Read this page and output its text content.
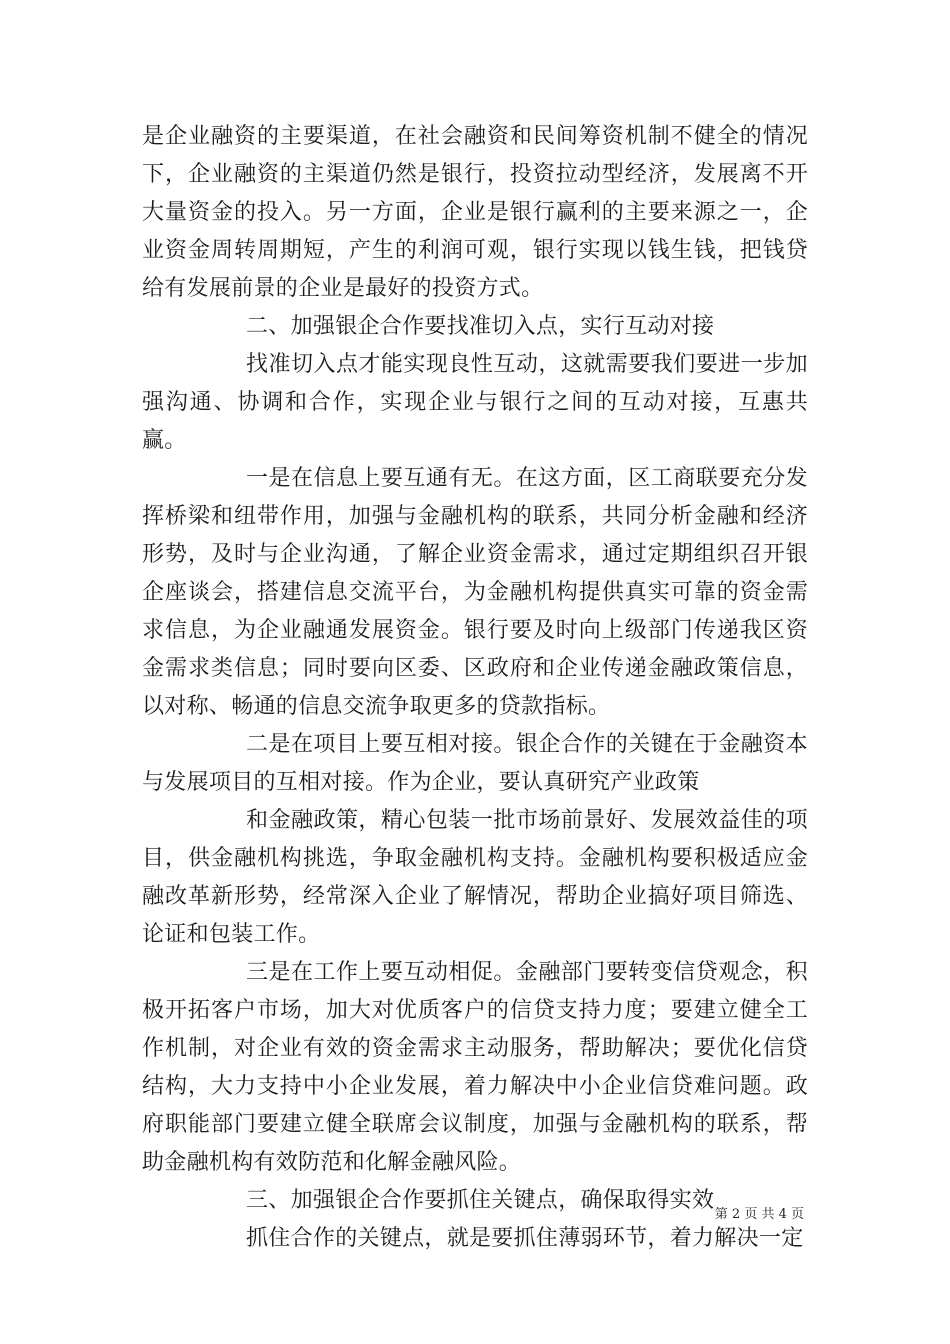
是企业融资的主要渠道，在社会融资和民间筹资机制不健全的情况下，企业融资的主渠道仍然是银行，投资拉动型经济，发展离不开大量资金的投入。另一方面，企业是银行赢利的主要来源之一，企业资金周转周期短，产生的利润可观，银行实现以钱生钱，把钱贷给有发展前景的企业是最好的投资方式。

二、加强银企合作要找准切入点，实行互动对接

找准切入点才能实现良性互动，这就需要我们要进一步加强沟通、协调和合作，实现企业与银行之间的互动对接，互惠共赢。

一是在信息上要互通有无。在这方面，区工商联要充分发挥桥梁和纽带作用，加强与金融机构的联系，共同分析金融和经济形势，及时与企业沟通，了解企业资金需求，通过定期组织召开银企座谈会，搭建信息交流平台，为金融机构提供真实可靠的资金需求信息，为企业融通发展资金。银行要及时向上级部门传递我区资金需求类信息；同时要向区委、区政府和企业传递金融政策信息，以对称、畅通的信息交流争取更多的贷款指标。

二是在项目上要互相对接。银企合作的关键在于金融资本与发展项目的互相对接。作为企业，要认真研究产业政策

和金融政策，精心包装一批市场前景好、发展效益佳的项目，供金融机构挑选，争取金融机构支持。金融机构要积极适应金融改革新形势，经常深入企业了解情况，帮助企业搞好项目筛选、论证和包装工作。

三是在工作上要互动相促。金融部门要转变信贷观念，积极开拓客户市场，加大对优质客户的信贷支持力度；要建立健全工作机制，对企业有效的资金需求主动服务，帮助解决；要优化信贷结构，大力支持中小企业发展，着力解决中小企业信贷难问题。政府职能部门要建立健全联席会议制度，加强与金融机构的联系，帮助金融机构有效防范和化解金融风险。

三、加强银企合作要抓住关键点，确保取得实效

抓住合作的关键点，就是要抓住薄弱环节，着力解决一定

第 2 页 共 4 页
